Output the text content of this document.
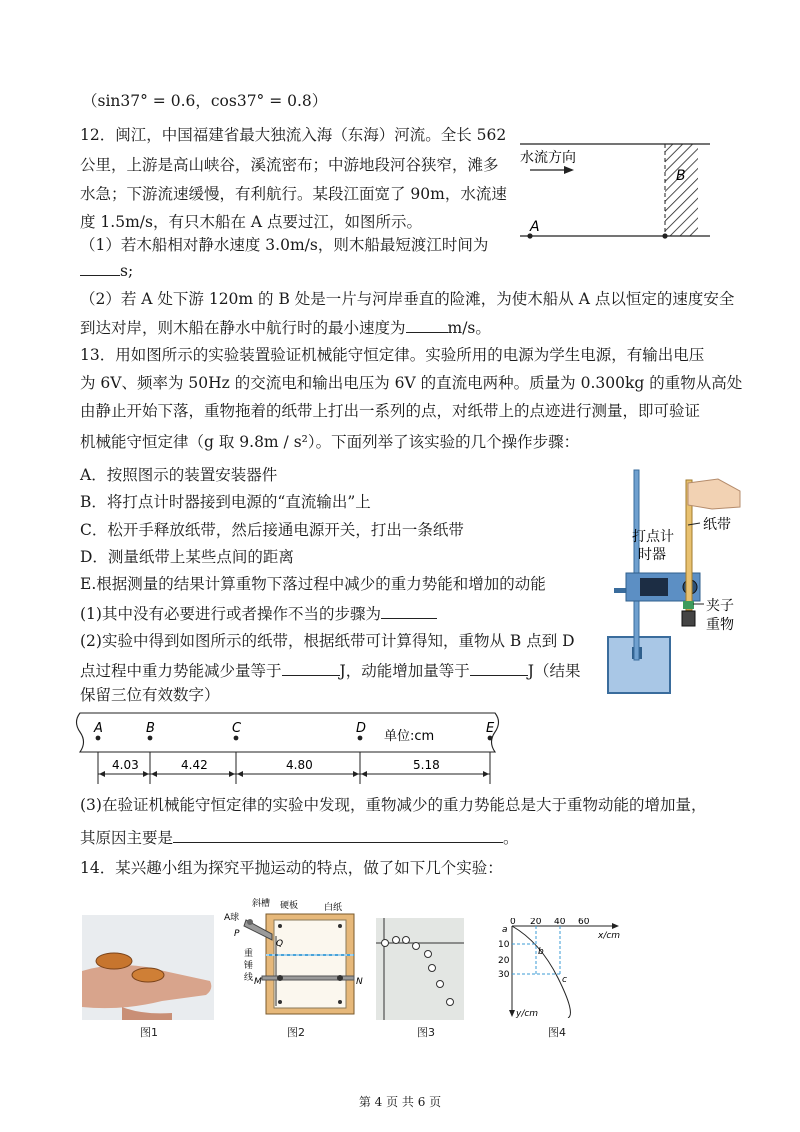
（sin37° = 0.6，cos37° = 0.8）
12．闽江，中国福建省最大独流入海（东海）河流。全长 562
公里，上游是高山峡谷，溪流密布；中游地段河谷狭窄，滩多
水急；下游流速缓慢，有利航行。某段江面宽了 90m，水流速
度 1.5m/s，有只木船在 A 点要过江，如图所示。
（1）若木船相对静水速度 3.0m/s，则木船最短渡江时间为
s;
（2）若 A 处下游 120m 的 B 处是一片与河岸垂直的险滩，为使木船从 A 点以恒定的速度安全
到达对岸，则木船在静水中航行时的最小速度为	m/s。
水流方向
A
B
13．用如图所示的实验装置验证机械能守恒定律。实验所用的电源为学生电源，有输出电压
为 6V、频率为 50Hz 的交流电和输出电压为 6V 的直流电两种。质量为 0.300kg 的重物从高处
由静止开始下落，重物拖着的纸带上打出一系列的点，对纸带上的点迹进行测量，即可验证
机械能守恒定律（g 取 9.8m / s²）。下面列举了该实验的几个操作步骤：
A．按照图示的装置安装器件
B．将打点计时器接到电源的“直流输出”上
C．松开手释放纸带，然后接通电源开关，打出一条纸带
D．测量纸带上某些点间的距离
E.根据测量的结果计算重物下落过程中减少的重力势能和增加的动能
(1)其中没有必要进行或者操作不当的步骤为
(2)实验中得到如图所示的纸带，根据纸带可计算得知，重物从 B 点到 D
点过程中重力势能减少量等于	J，动能增加量等于	J（结果
保留三位有效数字）
打点计
时器
纸带
夹子
重物
A	B	C	D	E
4.03	4.42	4.80	5.18
单位:cm
(3)在验证机械能守恒定律的实验中发现，重物减少的重力势能总是大于重物动能的增加量，
其原因主要是	。
14．某兴趣小组为探究平抛运动的特点，做了如下几个实验：
图1
斜槽 硬板	白纸
A球
P
Q
重
锤
线 M	N
图2	图3
0 20 40 60
x/cm
10
20
30
y/cm
a
b
c
图4
第 4 页 共 6 页
